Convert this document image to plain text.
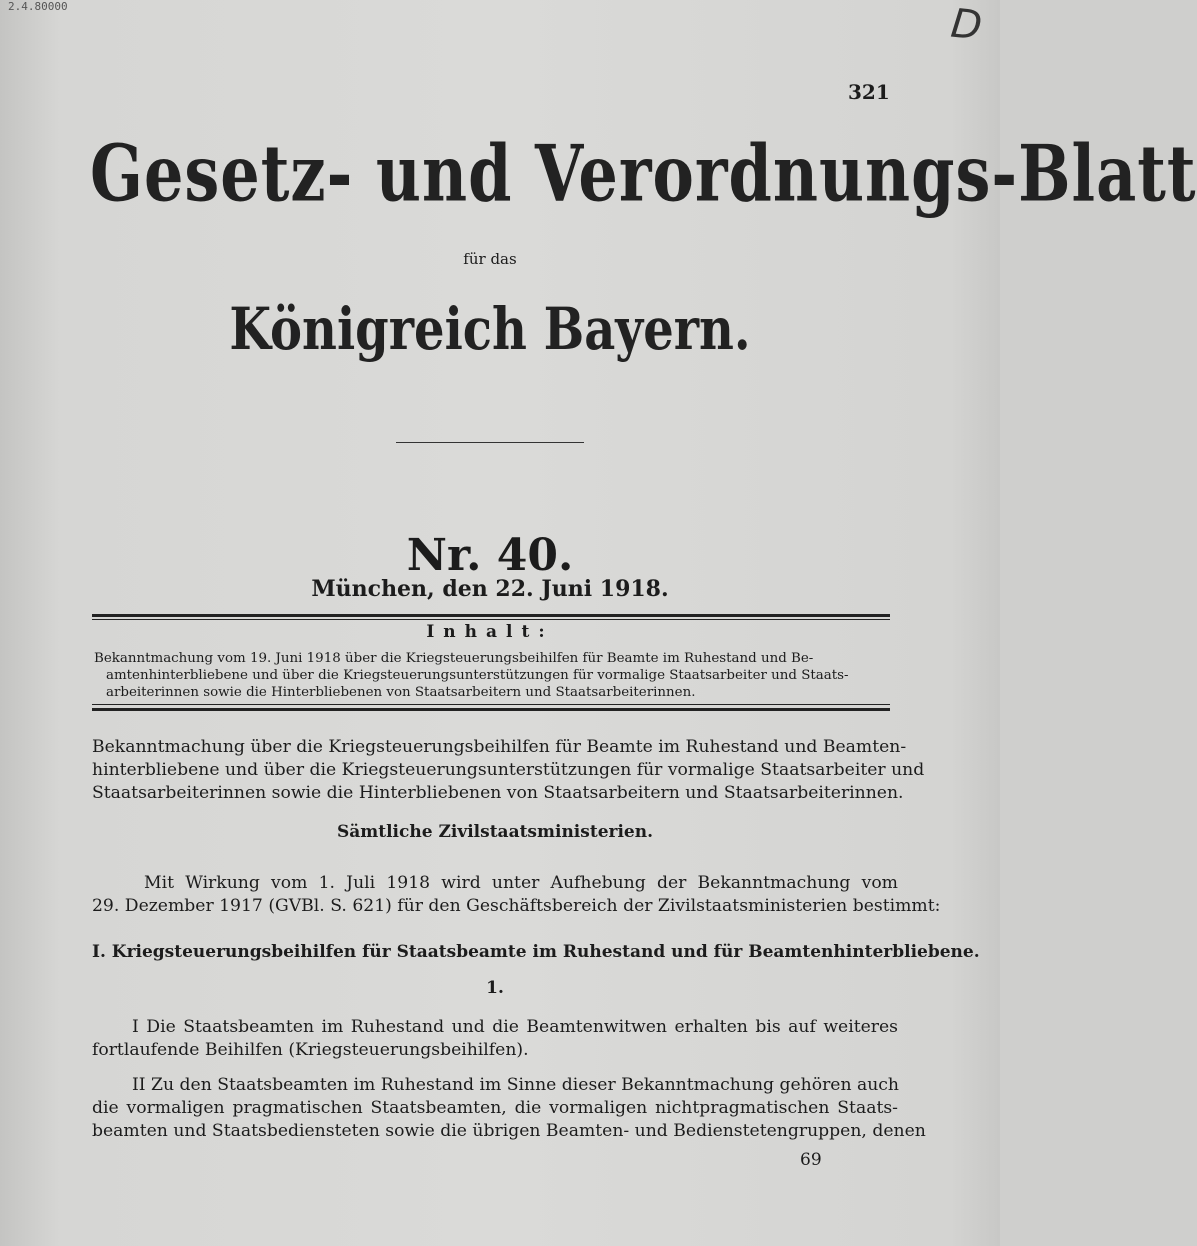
2.4.80000	D
321
Gesetz- und Verordnungs-Blatt
für das
Königreich Bayern.
Nr. 40.
München, den 22. Juni 1918.
Inhalt:
Bekanntmachung vom 19. Juni 1918 über die Kriegsteuerungsbeihilfen für Beamte im Ruhestand und Be-
amtenhinterbliebene und über die Kriegsteuerungsunterstützungen für vormalige Staatsarbeiter und Staats-
arbeiterinnen sowie die Hinterbliebenen von Staatsarbeitern und Staatsarbeiterinnen.
Bekanntmachung über die Kriegsteuerungsbeihilfen für Beamte im Ruhestand und Beamten-
hinterbliebene und über die Kriegsteuerungsunterstützungen für vormalige Staatsarbeiter und
Staatsarbeiterinnen sowie die Hinterbliebenen von Staatsarbeitern und Staatsarbeiterinnen.
Sämtliche Zivilstaatsministerien.
Mit Wirkung vom 1. Juli 1918 wird unter Aufhebung der Bekanntmachung vom
29. Dezember 1917 (GVBl. S. 621) für den Geschäftsbereich der Zivilstaatsministerien bestimmt:
I. Kriegsteuerungsbeihilfen für Staatsbeamte im Ruhestand und für Beamtenhinterbliebene.
1.
I Die Staatsbeamten im Ruhestand und die Beamtenwitwen erhalten bis auf weiteres
fortlaufende Beihilfen (Kriegsteuerungsbeihilfen).
II Zu den Staatsbeamten im Ruhestand im Sinne dieser Bekanntmachung gehören auch
die vormaligen pragmatischen Staatsbeamten, die vormaligen nichtpragmatischen Staats-
beamten und Staatsbediensteten sowie die übrigen Beamten- und Bedienstetengruppen, denen
69
